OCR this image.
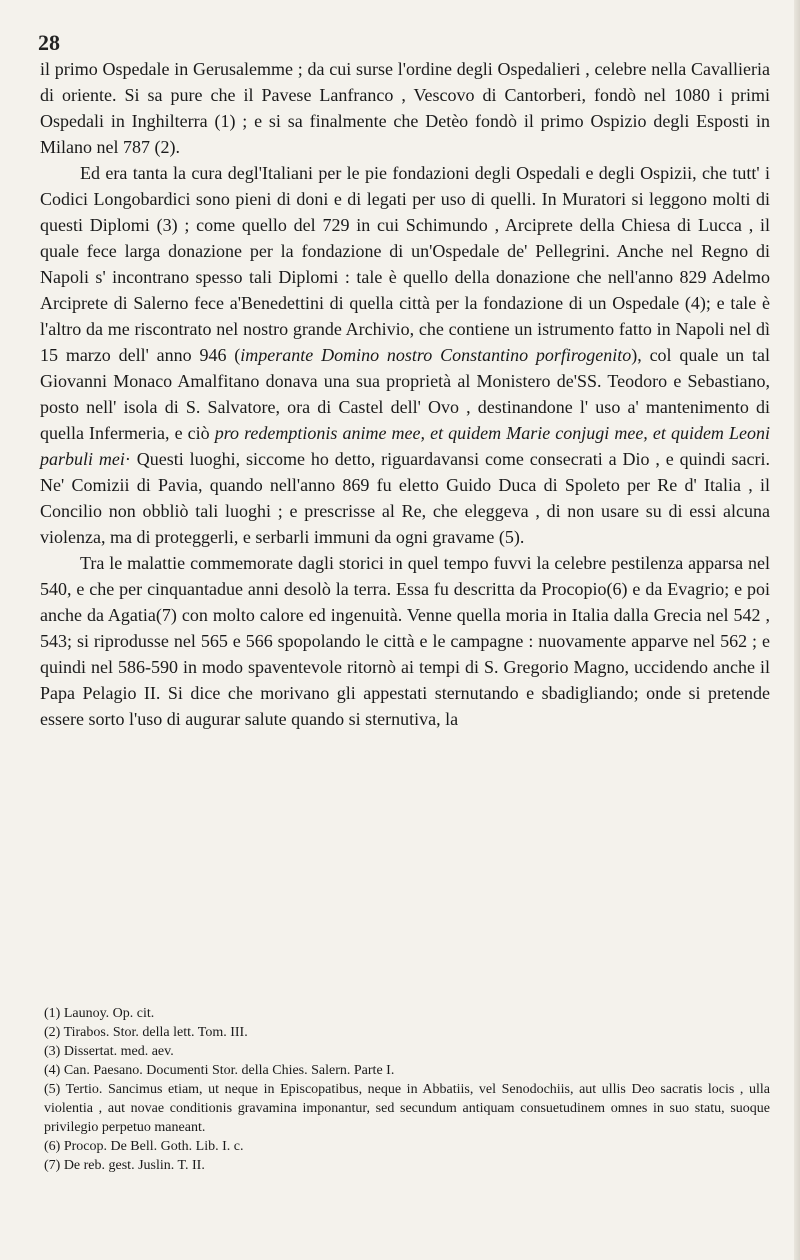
28

il primo Ospedale in Gerusalemme ; da cui surse l'ordine degli Ospedalieri , celebre nella Cavallieria di oriente. Si sa pure che il Pavese Lanfranco , Vescovo di Cantorberi, fondò nel 1080 i primi Ospedali in Inghilterra (1) ; e si sa finalmente che Detèo fondò il primo Ospizio degli Esposti in Milano nel 787 (2).

Ed era tanta la cura degl'Italiani per le pie fondazioni degli Ospedali e degli Ospizii, che tutt' i Codici Longobardici sono pieni di doni e di legati per uso di quelli. In Muratori si leggono molti di questi Diplomi (3) ; come quello del 729 in cui Schimundo , Arciprete della Chiesa di Lucca , il quale fece larga donazione per la fondazione di un'Ospedale de' Pellegrini. Anche nel Regno di Napoli s' incontrano spesso tali Diplomi : tale è quello della donazione che nell'anno 829 Adelmo Arciprete di Salerno fece a'Benedettini di quella città per la fondazione di un Ospedale (4); e tale è l'altro da me riscontrato nel nostro grande Archivio, che contiene un istrumento fatto in Napoli nel dì 15 marzo dell' anno 946 (imperante Domino nostro Constantino porfirogenito), col quale un tal Giovanni Monaco Amalfitano donava una sua proprietà al Monistero de'SS. Teodoro e Sebastiano, posto nell' isola di S. Salvatore, ora di Castel dell' Ovo , destinandone l' uso a' mantenimento di quella Infermeria, e ciò pro redemptionis anime mee, et quidem Marie conjugi mee, et quidem Leoni parbuli mei· Questi luoghi, siccome ho detto, riguardavansi come consecrati a Dio , e quindi sacri. Ne' Comizii di Pavia, quando nell'anno 869 fu eletto Guido Duca di Spoleto per Re d' Italia , il Concilio non obbliò tali luoghi ; e prescrisse al Re, che eleggeva , di non usare su di essi alcuna violenza, ma di proteggerli, e serbarli immuni da ogni gravame (5).

Tra le malattie commemorate dagli storici in quel tempo fuvvi la celebre pestilenza apparsa nel 540, e che per cinquantadue anni desolò la terra. Essa fu descritta da Procopio(6) e da Evagrio; e poi anche da Agatia(7) con molto calore ed ingenuità. Venne quella moria in Italia dalla Grecia nel 542 , 543; si riprodusse nel 565 e 566 spopolando le città e le campagne : nuovamente apparve nel 562 ; e quindi nel 586-590 in modo spaventevole ritornò ai tempi di S. Gregorio Magno, uccidendo anche il Papa Pelagio II. Si dice che morivano gli appestati sternutando e sbadigliando; onde si pretende essere sorto l'uso di augurar salute quando si sternutiva, la

(1) Launoy. Op. cit.

(2) Tirabos. Stor. della lett. Tom. III.

(3) Dissertat. med. aev.

(4) Can. Paesano. Documenti Stor. della Chies. Salern. Parte I.

(5) Tertio. Sancimus etiam, ut neque in Episcopatibus, neque in Abbatiis, vel Senodochiis, aut ullis Deo sacratis locis , ulla violentia , aut novae conditionis gravamina imponantur, sed secundum antiquam consuetudinem omnes in suo statu, suoque privilegio perpetuo maneant.

(6) Procop. De Bell. Goth. Lib. I. c.

(7) De reb. gest. Juslin. T. II.
